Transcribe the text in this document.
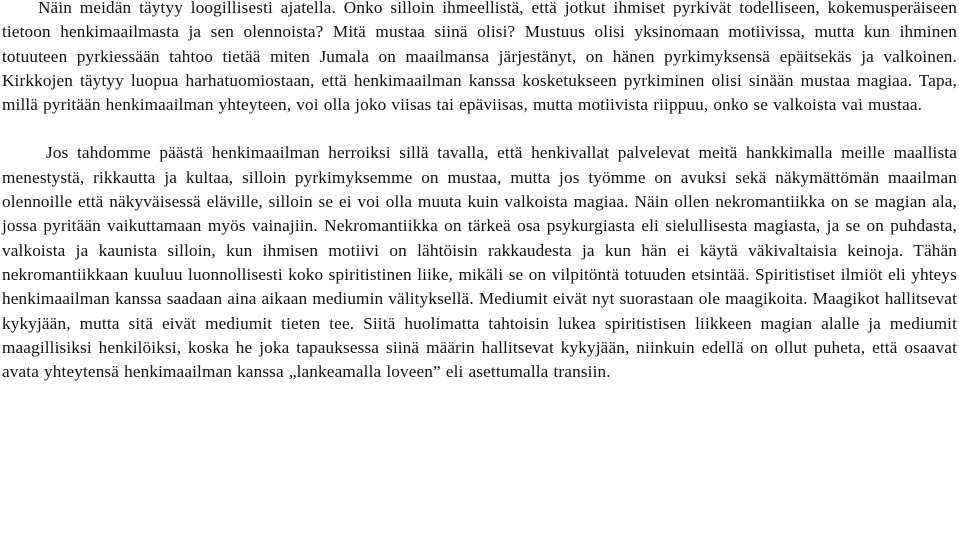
Näin meidän täytyy loogillisesti ajatella. Onko silloin ihmeellistä, että jotkut ihmiset pyrkivät todelliseen, kokemusperäiseen tietoon henkimaailmasta ja sen olennoista? Mitä mustaa siinä olisi? Mustuus olisi yksinomaan motiivissa, mutta kun ihminen totuuteen pyrkiessään tahtoo tietää miten Jumala on maailmansa järjestänyt, on hänen pyrkimyksensä epäitsekäs ja valkoinen. Kirkkojen täytyy luopua harhatuomiostaan, että henkimaailman kanssa kosketukseen pyrkiminen olisi sinään mustaa magiaa. Tapa, millä pyritään henkimaailman yhteyteen, voi olla joko viisas tai epäviisas, mutta motiivista riippuu, onko se valkoista vai mustaa.

Jos tahdomme päästä henkimaailman herroiksi sillä tavalla, että henkivallat palvelevat meitä hankkimalla meille maallista menestystä, rikkautta ja kultaa, silloin pyrkimyksemme on mustaa, mutta jos työmme on avuksi sekä näkymättömän maailman olennoille että näkyväisessä eläville, silloin se ei voi olla muuta kuin valkoista magiaa. Näin ollen nekromantiikka on se magian ala, jossa pyritään vaikuttamaan myös vainajiin. Nekromantiikka on tärkeä osa psykurgiasta eli sielullisesta magiasta, ja se on puhdasta, valkoista ja kaunista silloin, kun ihmisen motiivi on lähtöisin rakkaudesta ja kun hän ei käytä väkivaltaisia keinoja. Tähän nekromantiikkaan kuuluu luonnollisesti koko spiritistinen liike, mikäli se on vilpitöntä totuuden etsintää. Spiritistiset ilmiöt eli yhteys henkimaailman kanssa saadaan aina aikaan mediumin välityksellä. Mediumit eivät nyt suorastaan ole maagikoita. Maagikot hallitsevat kykyjään, mutta sitä eivät mediumit tieten tee. Siitä huolimatta tahtoisin lukea spiritistisen liikkeen magian alalle ja mediumit maagillisiksi henkilöiksi, koska he joka tapauksessa siinä määrin hallitsevat kykyjään, niinkuin edellä on ollut puheta, että osaavat avata yhteytensä henkimaailman kanssa „lankeamalla loveen” eli asettumalla transiin.
